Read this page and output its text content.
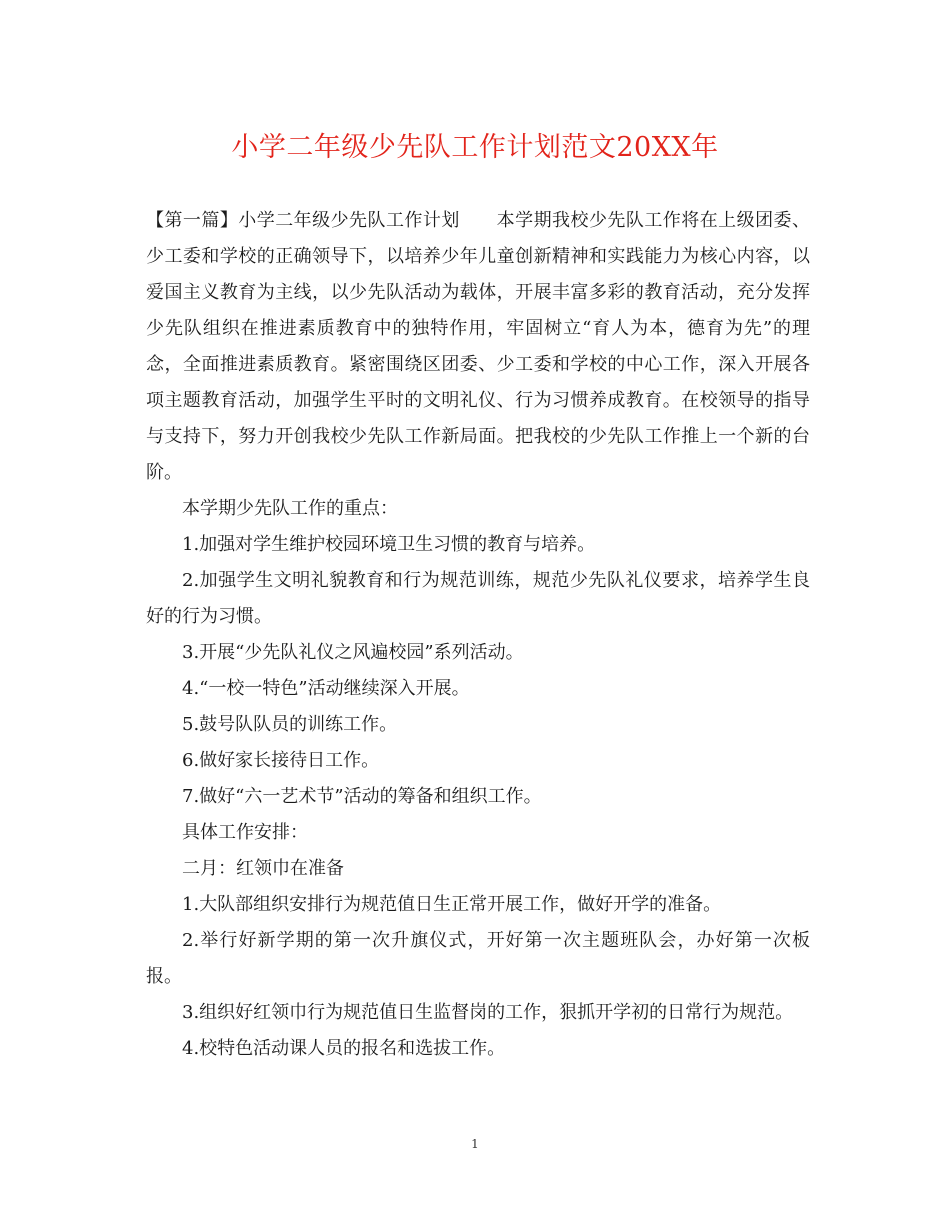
小学二年级少先队工作计划范文20XX年

【第一篇】小学二年级少先队工作计划　　本学期我校少先队工作将在上级团委、少工委和学校的正确领导下，以培养少年儿童创新精神和实践能力为核心内容，以爱国主义教育为主线，以少先队活动为载体，开展丰富多彩的教育活动，充分发挥少先队组织在推进素质教育中的独特作用，牢固树立“育人为本，德育为先”的理念，全面推进素质教育。紧密围绕区团委、少工委和学校的中心工作，深入开展各项主题教育活动，加强学生平时的文明礼仪、行为习惯养成教育。在校领导的指导与支持下，努力开创我校少先队工作新局面。把我校的少先队工作推上一个新的台阶。

本学期少先队工作的重点：

1.加强对学生维护校园环境卫生习惯的教育与培养。

2.加强学生文明礼貌教育和行为规范训练，规范少先队礼仪要求，培养学生良好的行为习惯。

3.开展“少先队礼仪之风遍校园”系列活动。

4.“一校一特色”活动继续深入开展。

5.鼓号队队员的训练工作。

6.做好家长接待日工作。

7.做好“六一艺术节”活动的筹备和组织工作。

具体工作安排：

二月：红领巾在准备

1.大队部组织安排行为规范值日生正常开展工作，做好开学的准备。

2.举行好新学期的第一次升旗仪式，开好第一次主题班队会，办好第一次板报。

3.组织好红领巾行为规范值日生监督岗的工作，狠抓开学初的日常行为规范。

4.校特色活动课人员的报名和选拔工作。

1
